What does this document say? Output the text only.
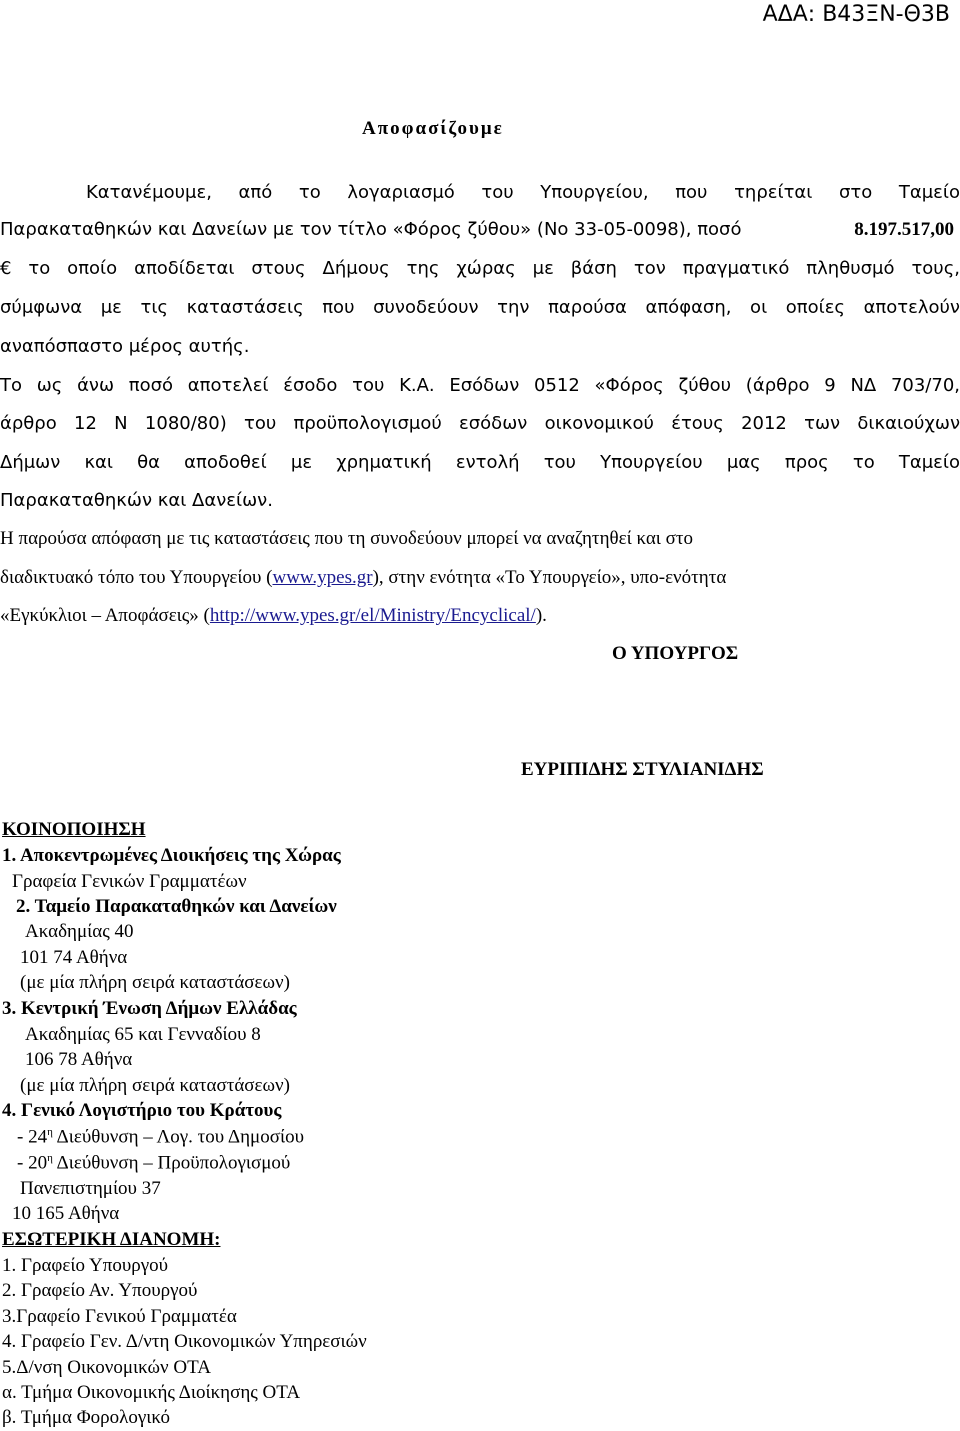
ΑΔΑ: Β43ΞΝ-Θ3Β
Αποφασίζουμε
Κατανέμουμε, από το λογαριασμό του Υπουργείου, που τηρείται στο Ταμείο
Παρακαταθηκών και Δανείων με τον τίτλο «Φόρος ζύθου» (Νο 33-05-0098), ποσό	8.197.517,00
€ το οποίο αποδίδεται στους Δήμους της χώρας με βάση τον πραγματικό πληθυσμό τους,
σύμφωνα με τις καταστάσεις που συνοδεύουν την παρούσα απόφαση, οι οποίες αποτελούν
αναπόσπαστο μέρος αυτής.
Το ως άνω ποσό αποτελεί έσοδο του Κ.Α. Εσόδων 0512 «Φόρος ζύθου (άρθρο 9 ΝΔ 703/70,
άρθρο 12 Ν 1080/80) του προϋπολογισμού εσόδων οικονομικού έτους 2012 των δικαιούχων
Δήμων και θα αποδοθεί με χρηματική εντολή του Υπουργείου μας προς το Ταμείο
Παρακαταθηκών και Δανείων.
Η παρούσα απόφαση με τις καταστάσεις που τη συνοδεύουν μπορεί να αναζητηθεί και στο
διαδικτυακό τόπο του Υπουργείου (www.ypes.gr), στην ενότητα «Το Υπουργείο», υπο-ενότητα
«Εγκύκλιοι – Αποφάσεις» (http://www.ypes.gr/el/Ministry/Encyclical/).
Ο ΥΠΟΥΡΓΟΣ
ΕΥΡΙΠΙΔΗΣ ΣΤΥΛΙΑΝΙΔΗΣ
ΚΟΙΝΟΠΟΙΗΣΗ
1. Αποκεντρωμένες Διοικήσεις της Χώρας
Γραφεία Γενικών Γραμματέων
2. Ταμείο Παρακαταθηκών και Δανείων
Ακαδημίας 40
101 74 Αθήνα
(με μία πλήρη σειρά καταστάσεων)
3. Κεντρική Ένωση Δήμων Ελλάδας
Ακαδημίας 65 και Γενναδίου 8
106 78 Αθήνα
(με μία πλήρη σειρά καταστάσεων)
4. Γενικό Λογιστήριο του Κράτους
- $24^\eta$ Διεύθυνση – Λογ. του Δημοσίου
- $20^\eta$ Διεύθυνση – Προϋπολογισμού
Πανεπιστημίου 37
10 165 Αθήνα
ΕΣΩΤΕΡΙΚΗ ΔΙΑΝΟΜΗ:
1. Γραφείο Υπουργού
2. Γραφείο Αν. Υπουργού
3.Γραφείο Γενικού Γραμματέα
4. Γραφείο Γεν. Δ/ντη Οικονομικών Υπηρεσιών
5.Δ/νση Οικονομικών ΟΤΑ
α. Τμήμα Οικονομικής Διοίκησης ΟΤΑ
β. Τμήμα Φορολογικό
